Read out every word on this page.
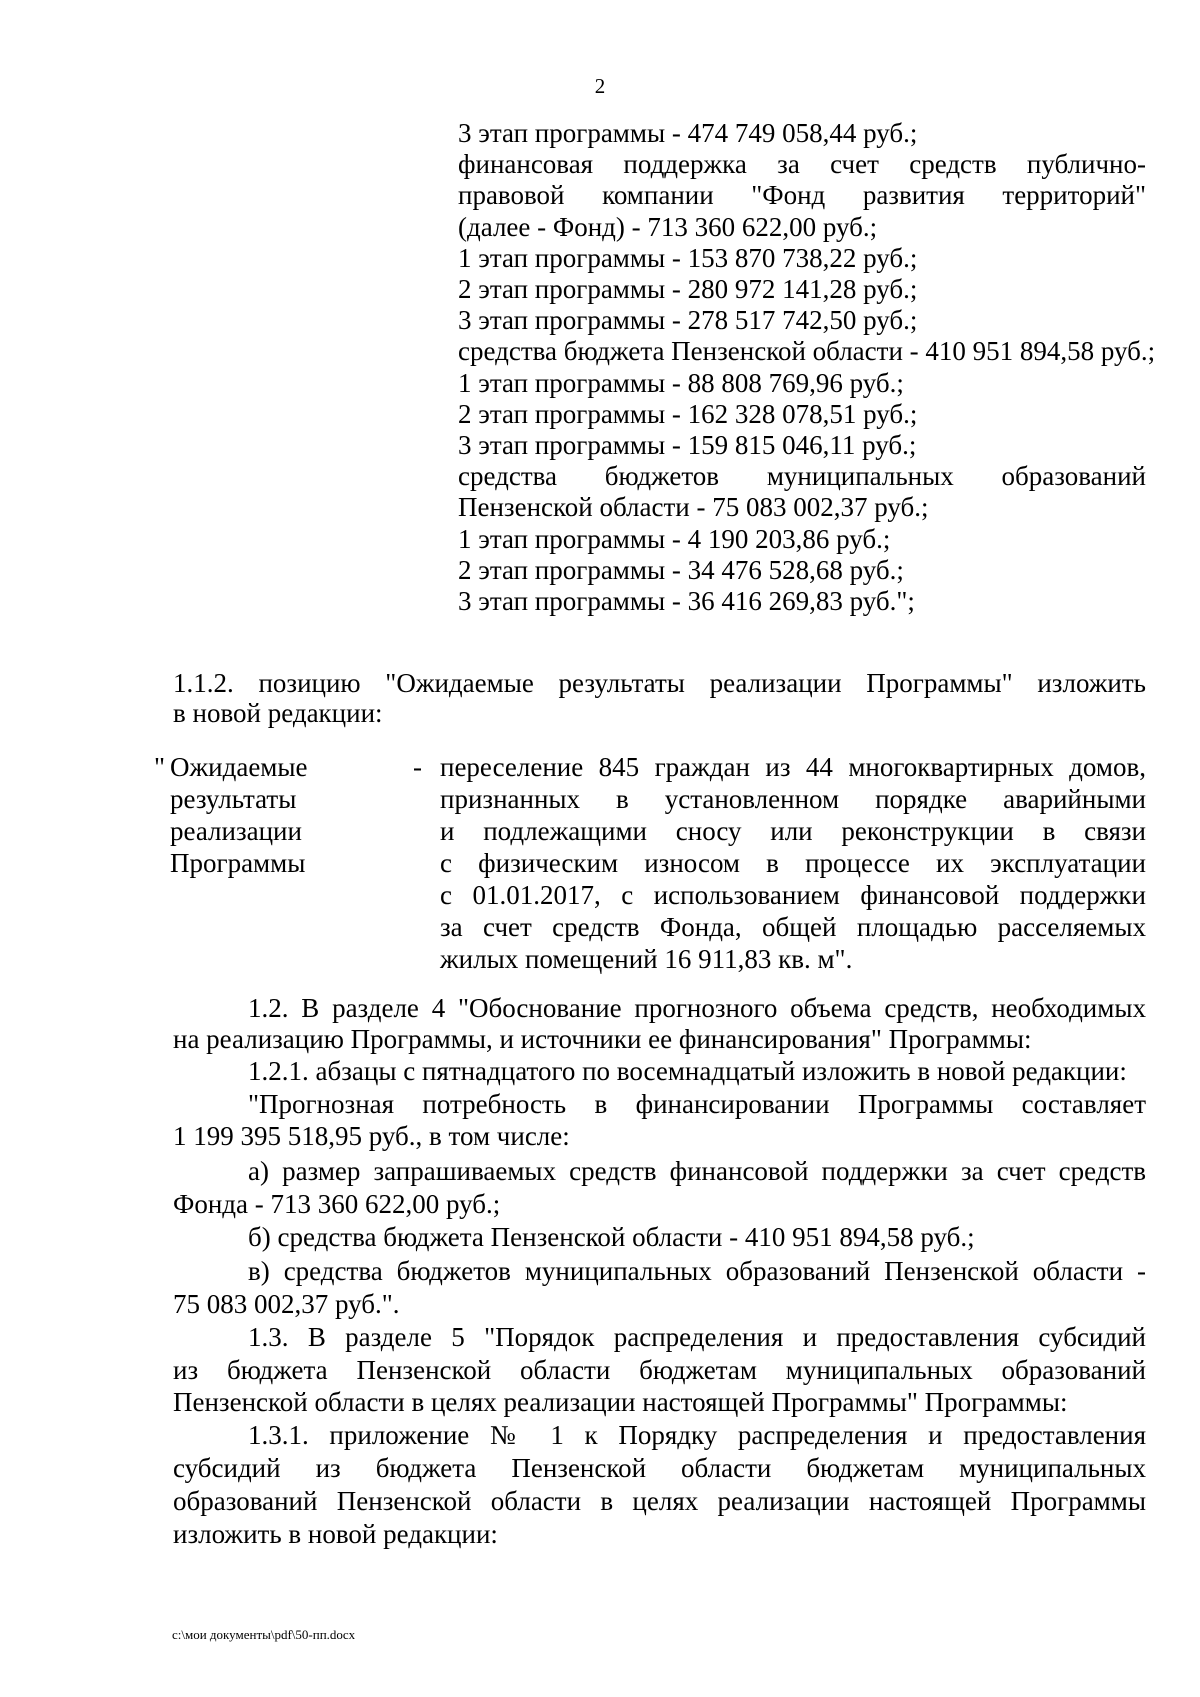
2
3 этап программы - 474 749 058,44 руб.;
финансовая поддержка за счет средств публично-
правовой компании "Фонд развития территорий"
(далее - Фонд) - 713 360 622,00 руб.;
1 этап программы - 153 870 738,22 руб.;
2 этап программы - 280 972 141,28 руб.;
3 этап программы - 278 517 742,50 руб.;
средства бюджета Пензенской области - 410 951 894,58 руб.;
1 этап программы - 88 808 769,96 руб.;
2 этап программы - 162 328 078,51 руб.;
3 этап программы - 159 815 046,11 руб.;
средства бюджетов муниципальных образований
Пензенской области - 75 083 002,37 руб.;
1 этап программы - 4 190 203,86 руб.;
2 этап программы - 34 476 528,68 руб.;
3 этап программы - 36 416 269,83 руб.";
1.1.2. позицию "Ожидаемые результаты реализации Программы" изложить
в новой редакции:
"	-
Ожидаемые
результаты
реализации
Программы
переселение 845 граждан из 44 многоквартирных домов,
признанных в установленном порядке аварийными
и подлежащими сносу или реконструкции в связи
с физическим износом в процессе их эксплуатации
с 01.01.2017, с использованием финансовой поддержки
за счет средств Фонда, общей площадью расселяемых
жилых помещений 16 911,83 кв. м".
1.2. В разделе 4 "Обоснование прогнозного объема средств, необходимых
на реализацию Программы, и источники ее финансирования" Программы:
1.2.1. абзацы с пятнадцатого по восемнадцатый изложить в новой редакции:
"Прогнозная потребность в финансировании Программы составляет
1 199 395 518,95 руб., в том числе:
а) размер запрашиваемых средств финансовой поддержки за счет средств
Фонда - 713 360 622,00 руб.;
б) средства бюджета Пензенской области - 410 951 894,58 руб.;
в) средства бюджетов муниципальных образований Пензенской области -
75 083 002,37 руб.".
1.3. В разделе 5 "Порядок распределения и предоставления субсидий
из бюджета Пензенской области бюджетам муниципальных образований
Пензенской области в целях реализации настоящей Программы" Программы:
1.3.1. приложение № 1 к Порядку распределения и предоставления
субсидий из бюджета Пензенской области бюджетам муниципальных
образований Пензенской области в целях реализации настоящей Программы
изложить в новой редакции:
c:\мои документы\pdf\50-пп.docx
